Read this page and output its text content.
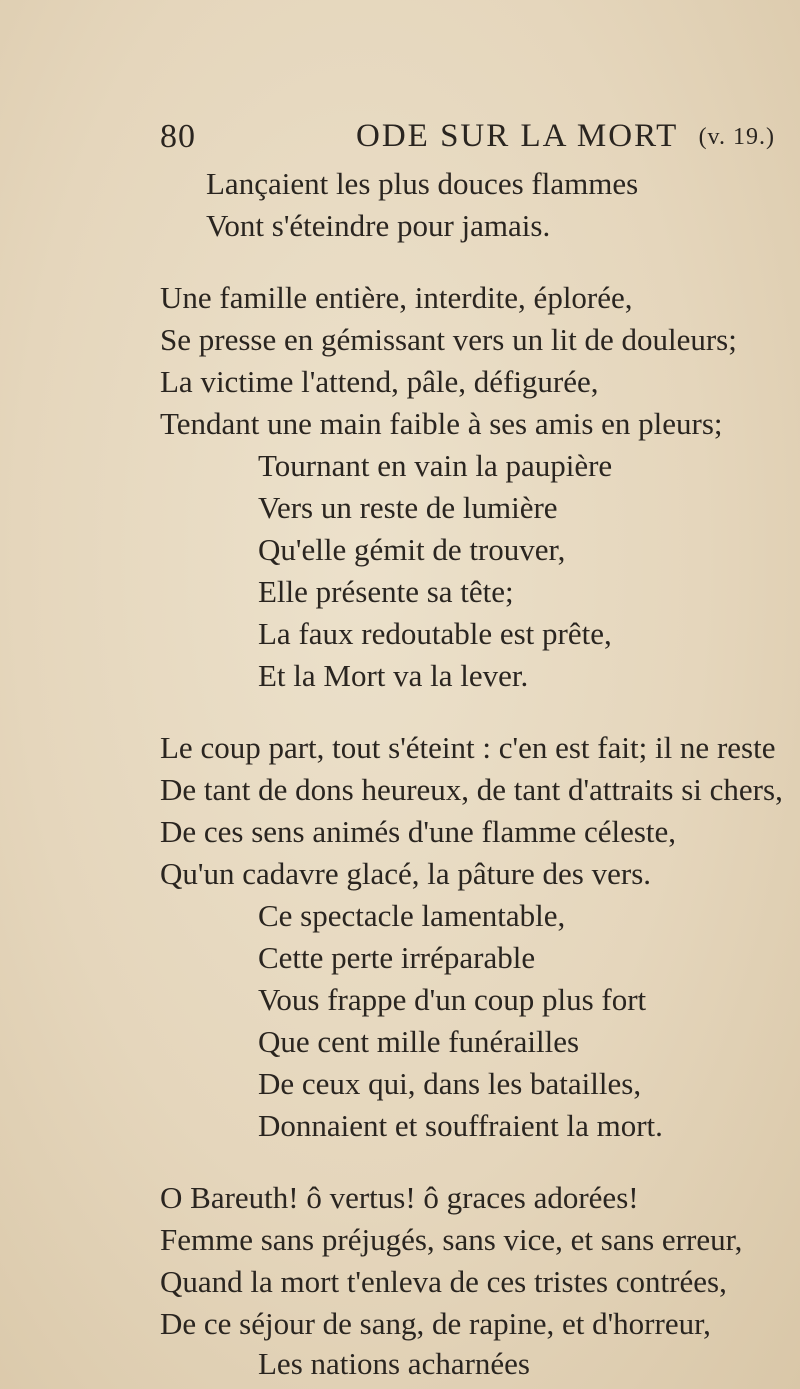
80	ODE SUR LA MORT (v. 19.)
Lançaient les plus douces flammes
Vont s'éteindre pour jamais.
Une famille entière, interdite, éplorée,
Se presse en gémissant vers un lit de douleurs;
La victime l'attend, pâle, défigurée,
Tendant une main faible à ses amis en pleurs;
Tournant en vain la paupière
Vers un reste de lumière
Qu'elle gémit de trouver,
Elle présente sa tête;
La faux redoutable est prête,
Et la Mort va la lever.
Le coup part, tout s'éteint : c'en est fait; il ne reste
De tant de dons heureux, de tant d'attraits si chers,
De ces sens animés d'une flamme céleste,
Qu'un cadavre glacé, la pâture des vers.
Ce spectacle lamentable,
Cette perte irréparable
Vous frappe d'un coup plus fort
Que cent mille funérailles
De ceux qui, dans les batailles,
Donnaient et souffraient la mort.
O Bareuth! ô vertus! ô graces adorées!
Femme sans préjugés, sans vice, et sans erreur,
Quand la mort t'enleva de ces tristes contrées,
De ce séjour de sang, de rapine, et d'horreur,
Les nations acharnées
